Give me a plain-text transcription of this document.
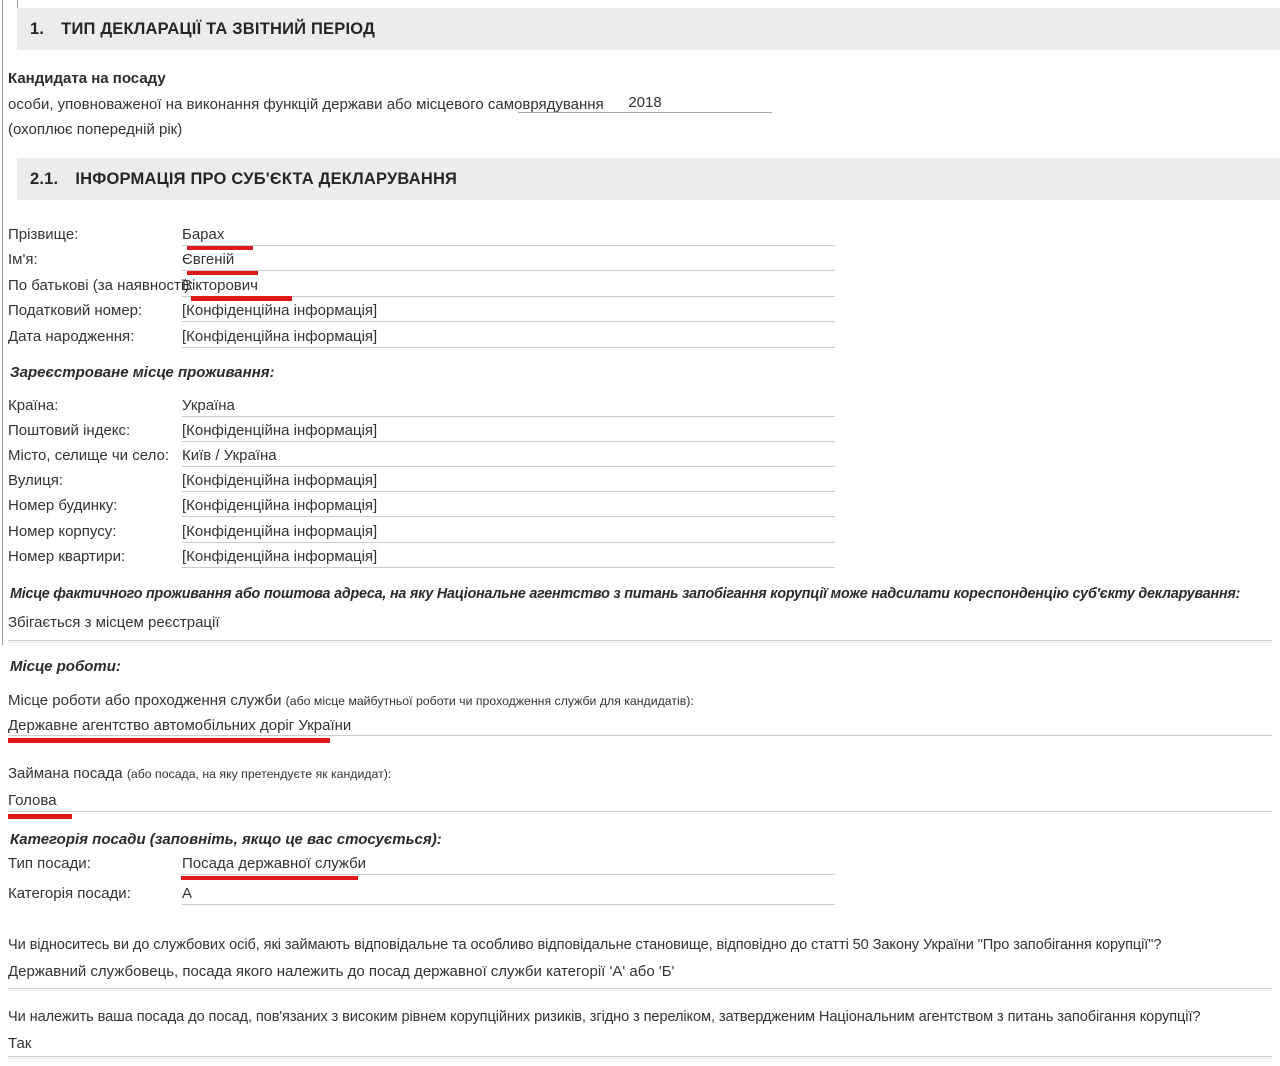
1. ТИП ДЕКЛАРАЦІЇ ТА ЗВІТНИЙ ПЕРІОД
Кандидата на посаду
особи, уповноваженої на виконання функцій держави або місцевого самоврядування	2018
(охоплює попередній рік)
2.1. ІНФОРМАЦІЯ ПРО СУБ'ЄКТА ДЕКЛАРУВАННЯ
Прізвище:	Барах
Ім'я:	Євгеній
По батькові (за наявності):
Вікторович
Податковий номер:	[Конфіденційна інформація]
Дата народження:	[Конфіденційна інформація]
Зареєстроване місце проживання:
Країна:	Україна
Поштовий індекс:	[Конфіденційна інформація]
Місто, селище чи село: Київ / Україна
Вулиця:	[Конфіденційна інформація]
Номер будинку:	[Конфіденційна інформація]
Номер корпусу:	[Конфіденційна інформація]
Номер квартири:	[Конфіденційна інформація]
Місце фактичного проживання або поштова адреса, на яку Національне агентство з питань запобігання корупції може надсилати кореспонденцію суб'єкту декларування:
Збігається з місцем реєстрації
Місце роботи:
Місце роботи або проходження служби (або місце майбутньої роботи чи проходження служби для кандидатів):
Державне агентство автомобільних доріг України
Займана посада (або посада, на яку претендуєте як кандидат):
Голова
Категорія посади (заповніть, якщо це вас стосується):
Тип посади:	Посада державної служби
Категорія посади:	А
Чи відноситесь ви до службових осіб, які займають відповідальне та особливо відповідальне становище, відповідно до статті 50 Закону України "Про запобігання корупції"?
Державний службовець, посада якого належить до посад державної служби категорії 'А' або 'Б'
Чи належить ваша посада до посад, пов'язаних з високим рівнем корупційних ризиків, згідно з переліком, затвердженим Національним агентством з питань запобігання корупції?
Так
